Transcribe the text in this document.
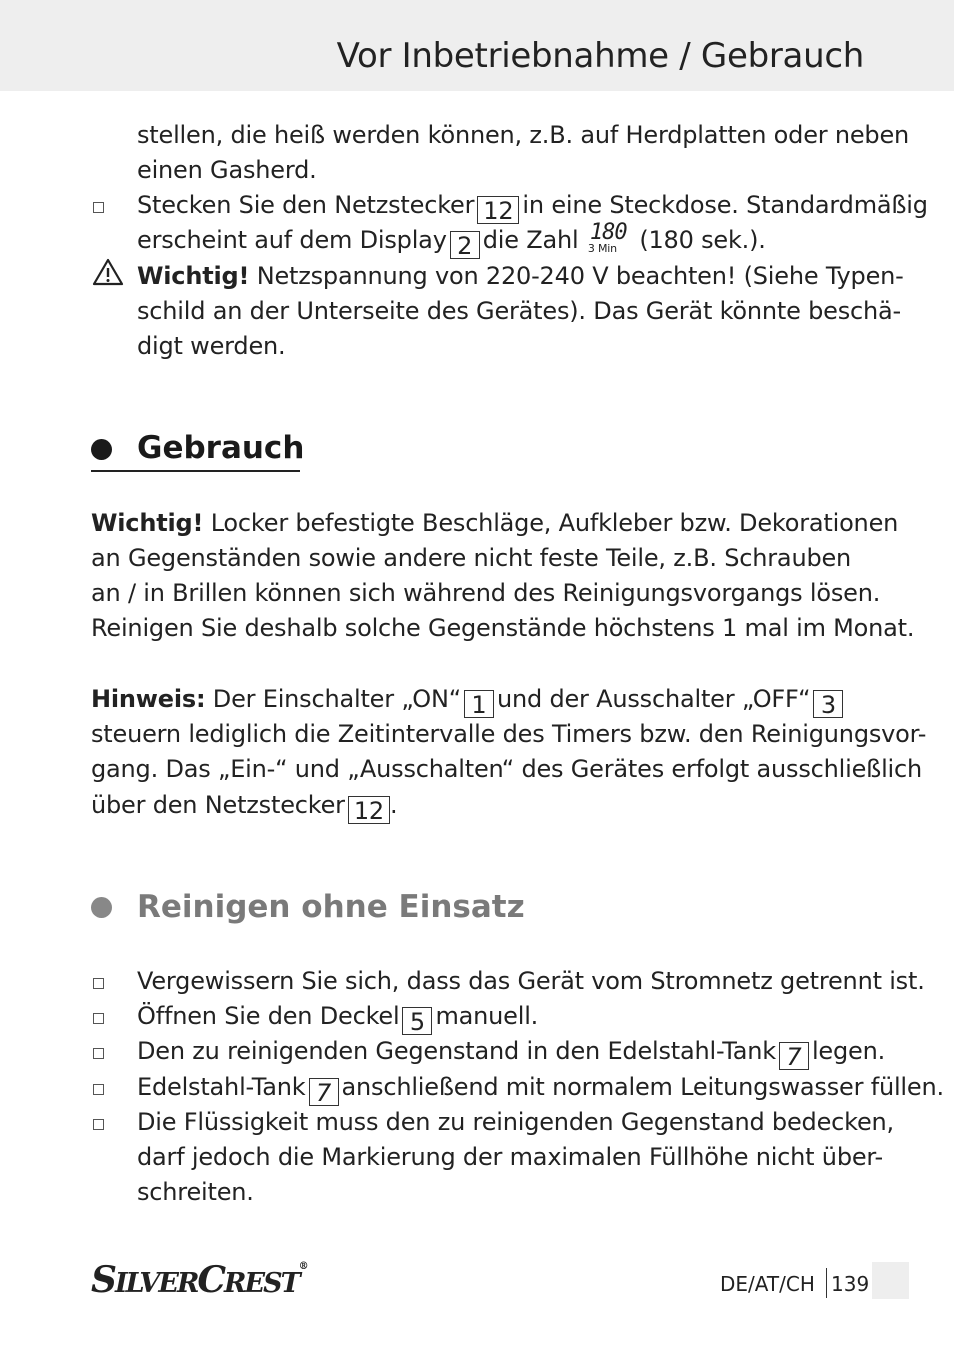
Vor Inbetriebnahme / Gebrauch
stellen, die heiß werden können, z.B. auf Herdplatten oder neben
einen Gasherd.
Stecken Sie den Netzstecker 12 in eine Steckdose. Standardmäßig
erscheint auf dem Display 2 die Zahl 180
3 Min (180 sek.).
Wichtig! Netzspannung von 220-240 V beachten! (Siehe Typen-
schild an der Unterseite des Gerätes). Das Gerät könnte beschä-
digt werden.
Gebrauch
Wichtig! Locker befestigte Beschläge, Aufkleber bzw. Dekorationen
an Gegenständen sowie andere nicht feste Teile, z.B. Schrauben
an / in Brillen können sich während des Reinigungsvorgangs lösen.
Reinigen Sie deshalb solche Gegenstände höchstens 1 mal im Monat.
Hinweis: Der Einschalter „ON“ 1 und der Ausschalter „OFF“ 3
steuern lediglich die Zeitintervalle des Timers bzw. den Reinigungsvor-
gang. Das „Ein-“ und „Ausschalten“ des Gerätes erfolgt ausschließlich
über den Netzstecker 12 .
Reinigen ohne Einsatz
Vergewissern Sie sich, dass das Gerät vom Stromnetz getrennt ist.
Öffnen Sie den Deckel 5 manuell.
Den zu reinigenden Gegenstand in den Edelstahl-Tank 7 legen.
Edelstahl-Tank 7 anschließend mit normalem Leitungswasser füllen.
Die Flüssigkeit muss den zu reinigenden Gegenstand bedecken,
darf jedoch die Markierung der maximalen Füllhöhe nicht über-
schreiten.
SILVERCREST®
DE/AT/CH 139
